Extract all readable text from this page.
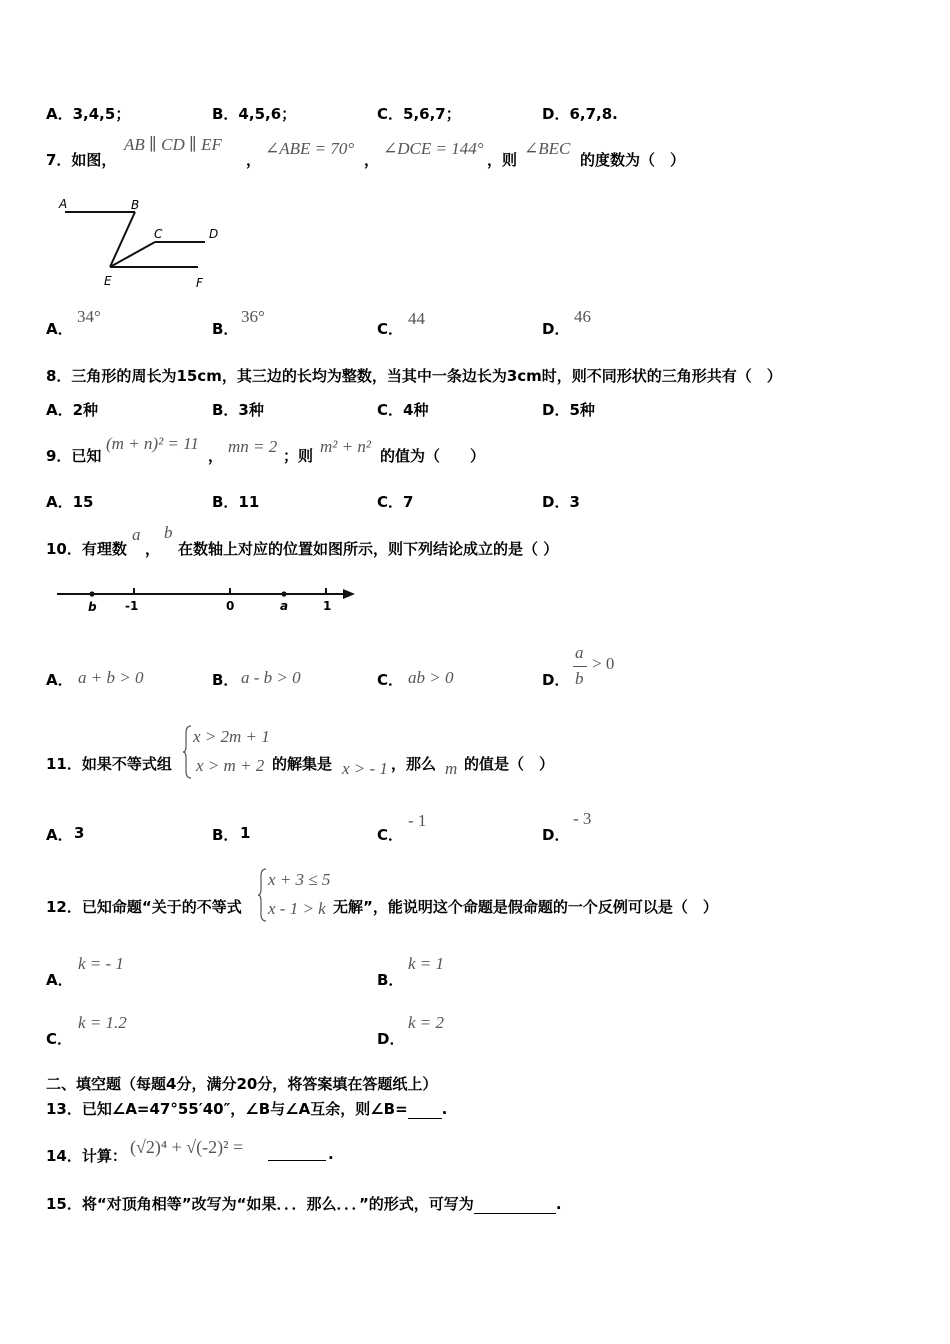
A．3,4,5；	B．4,5,6；	C．5,6,7；	D．6,7,8.
7．如图，
AB ∥ CD ∥ EF
，
∠ABE = 70°
，
∠DCE = 144°
，则
∠BEC
的度数为（　）
A	B
C	D
E	F
A．
34°
B．
36°
C．
44
D．
46
8．三角形的周长为15cm，其三边的长均为整数，当其中一条边长为3cm时，则不同形状的三角形共有（　）
A．2种	B．3种	C．4种	D．5种
9．已知
(m + n)² = 11
， mn = 2 ；则 m² + n² 的值为（　　）
A．15	B．11	C．7	D．3
10．有理数
a
，
b
在数轴上对应的位置如图所示，则下列结论成立的是（ ）
b -1	0	a	1
A． a + b > 0	B． a - b > 0	C． ab > 0	D．
a
b
> 0
11．如果不等式组
x > 2m + 1
x > m + 2 的解集是 x > - 1 ，那么 m 的值是（　）
A． 3	B． 1	C．
- 1
D．
- 3
12．已知命题“关于的不等式
x + 3 ≤ 5
x - 1 > k 无解”，能说明这个命题是假命题的一个反例可以是（　）
A．
k = - 1
B．
k = 1
C．
k = 1.2
D．
k = 2
二、填空题（每题4分，满分20分，将答案填在答题纸上）
13．已知∠A=47°55′40″，∠B与∠A互余，则∠B= .
14．计算： (√2)⁴ + √(-2)² =	.
15．将“对顶角相等”改写为“如果．．．那么．．．”的形式，可写为	.
